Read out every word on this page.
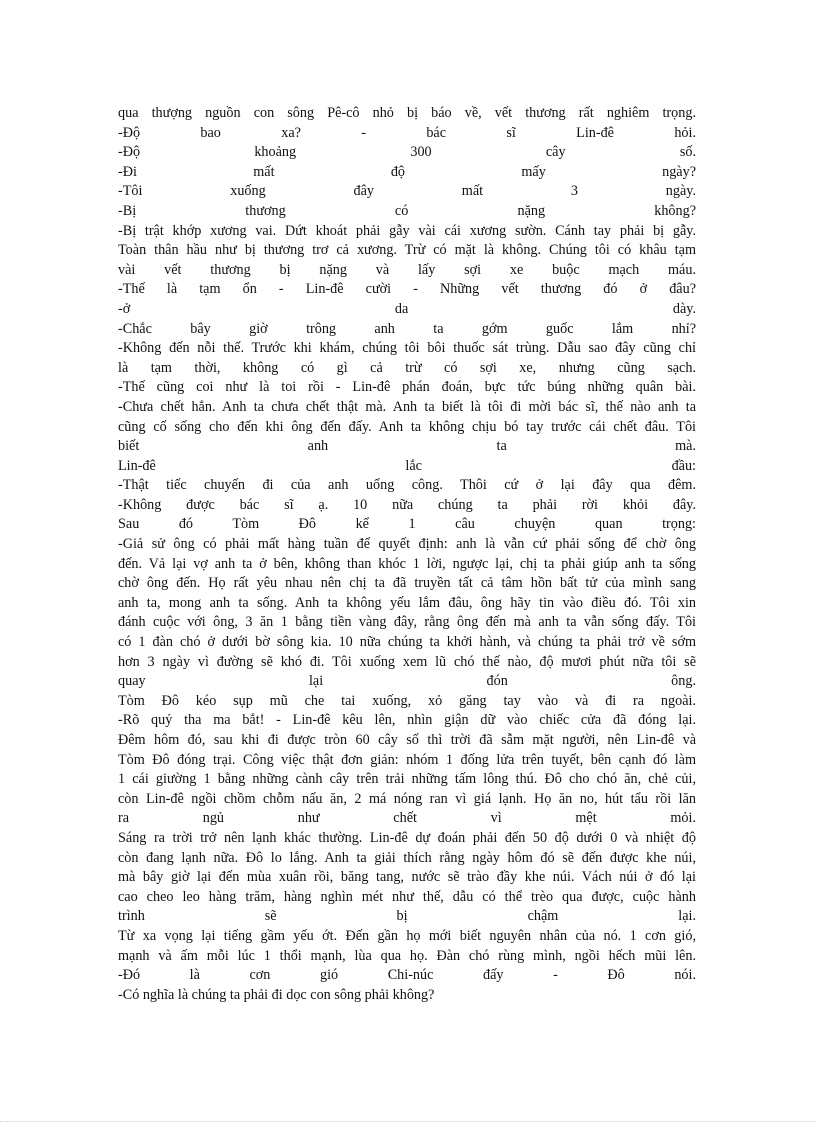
qua thượng nguồn con sông Pê-cô nhỏ bị báo về, vết thương rất nghiêm trọng.
-Độ bao xa? - bác sĩ Lin-đê hỏi.
-Độ khoảng 300 cây số.
-Đi mất độ mấy ngày?
-Tôi xuống đây mất 3 ngày.
-Bị thương có nặng không?
-Bị trật khớp xương vai. Dứt khoát phải gẫy vài cái xương sườn. Cánh tay phải bị gẫy.
Toàn thân hầu như bị thương trơ cả xương. Trừ có mặt là không. Chúng tôi có khâu tạm
vài vết thương bị nặng và lấy sợi xe buộc mạch máu.
-Thế là tạm ổn - Lin-đê cười - Những vết thương đó ở đâu?
-ở da dày.
-Chắc bây giờ trông anh ta gớm guốc lắm nhỉ?
-Không đến nỗi thế. Trước khi khám, chúng tôi bôi thuốc sát trùng. Dẫu sao đây cũng chỉ
là tạm thời, không có gì cả trừ có sợi xe, nhưng cũng sạch.
-Thế cũng coi như là toi rồi - Lin-đê phán đoán, bực tức búng những quân bài.
-Chưa chết hẳn. Anh ta chưa chết thật mà. Anh ta biết là tôi đi mời bác sĩ, thế nào anh ta
cũng cố sống cho đến khi ông đến đấy. Anh ta không chịu bó tay trước cái chết đâu. Tôi
biết anh ta mà.
Lin-đê lắc đầu:
-Thật tiếc chuyến đi của anh uổng công. Thôi cứ ở lại đây qua đêm.
-Không được bác sĩ ạ. 10 nữa chúng ta phải rời khỏi đây.
Sau đó Tòm Đô kể 1 câu chuyện quan trọng:
-Giả sử ông có phải mất hàng tuần để quyết định: anh là vẫn cứ phải sống để chờ ông
đến. Vả lại vợ anh ta ở bên, không than khóc 1 lời, ngược lại, chị ta phải giúp anh ta sống
chờ ông đến. Họ rất yêu nhau nên chị ta đã truyền tất cả tâm hồn bất tử của mình sang
anh ta, mong anh ta sống. Anh ta không yếu lắm đâu, ông hãy tin vào điều đó. Tôi xin
đánh cuộc với ông, 3 ăn 1 bằng tiền vàng đây, rằng ông đến mà anh ta vẫn sống đấy. Tôi
có 1 đàn chó ở dưới bờ sông kia. 10 nữa chúng ta khởi hành, và chúng ta phải trở về sớm
hơn 3 ngày vì đường sẽ khó đi. Tôi xuống xem lũ chó thế nào, độ mươi phút nữa tôi sẽ
quay lại đón ông.
Tòm Đô kéo sụp mũ che tai xuống, xỏ găng tay vào và đi ra ngoài.
-Rõ quỷ tha ma bắt! - Lin-đê kêu lên, nhìn giận dữ vào chiếc cửa đã đóng lại.
Đêm hôm đó, sau khi đi được tròn 60 cây số thì trời đã sẫm mặt người, nên Lin-đê và
Tòm Đô đóng trại. Công việc thật đơn giản: nhóm 1 đống lửa trên tuyết, bên cạnh đó làm
1 cái giường 1 bằng những cành cây trên trải những tấm lông thú. Đô cho chó ăn, chẻ củi,
còn Lin-đê ngồi chồm chỗm nấu ăn, 2 má nóng ran vì giá lạnh. Họ ăn no, hút tẩu rồi lăn
ra ngủ như chết vì mệt mỏi.
Sáng ra trời trở nên lạnh khác thường. Lin-đê dự đoán phải đến 50 độ dưới 0 và nhiệt độ
còn đang lạnh nữa. Đô lo lắng. Anh ta giải thích rằng ngày hôm đó sẽ đến được khe núi,
mà bây giờ lại đến mùa xuân rồi, băng tang, nước sẽ trào đầy khe núi. Vách núi ở đó lại
cao cheo leo hàng trăm, hàng nghìn mét như thế, dẫu có thể trèo qua được, cuộc hành
trình sẽ bị chậm lại.
Từ xa vọng lại tiếng gầm yếu ớt. Đến gần họ mới biết nguyên nhân của nó. 1 cơn gió,
mạnh và ấm mỗi lúc 1 thổi mạnh, lùa qua họ. Đàn chó rùng mình, ngồi hếch mũi lên.
-Đó là cơn gió Chi-núc đấy - Đô nói.
-Có nghĩa là chúng ta phải đi dọc con sông phải không?
